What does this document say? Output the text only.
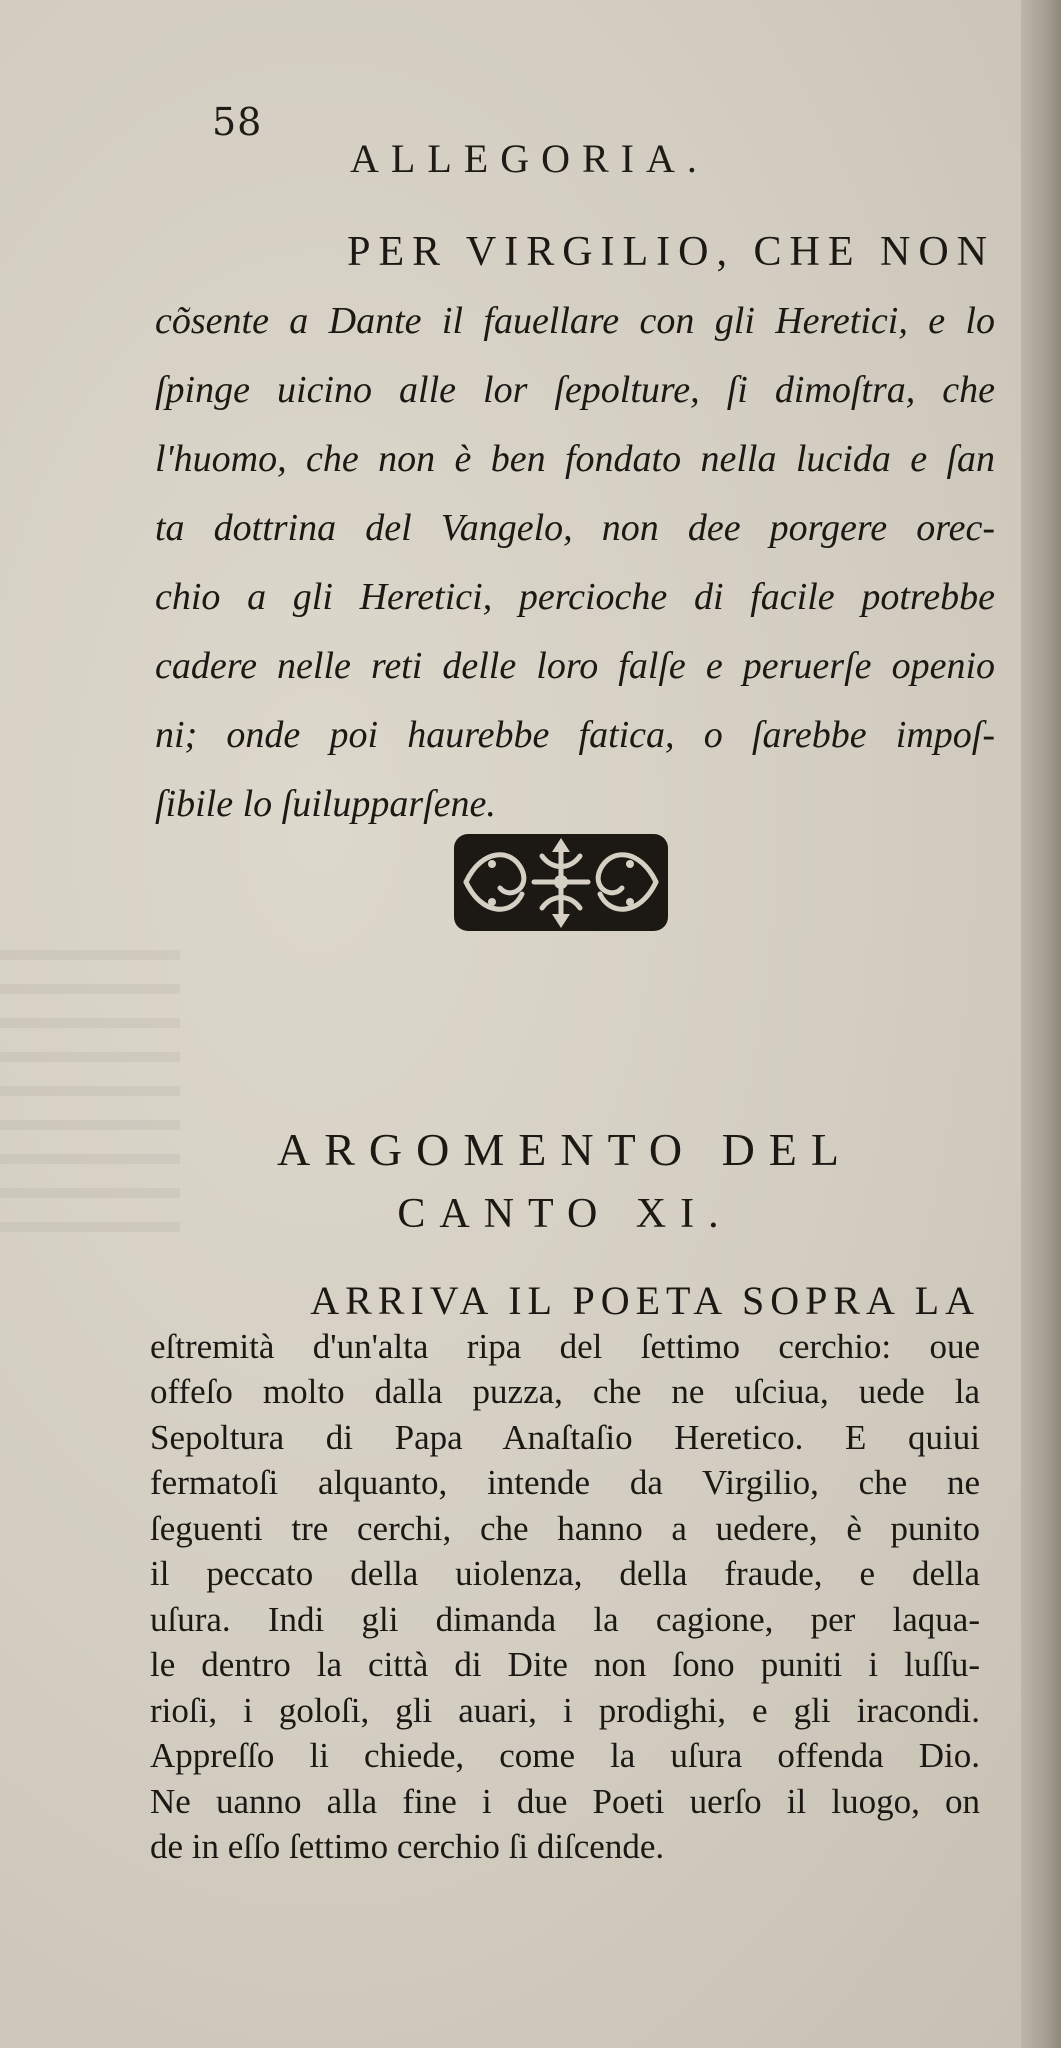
58
ALLEGORIA.
PER VIRGILIO, CHE NON
cõsente a Dante il fauellare con gli Heretici, e lo
ſpinge uicino alle lor ſepolture, ſi dimoſtra, che
l'huomo, che non è ben fondato nella lucida e ſan
ta dottrina del Vangelo, non dee porgere orec-
chio a gli Heretici, percioche di facile potrebbe
cadere nelle reti delle loro falſe e peruerſe openio
ni; onde poi haurebbe fatica, o ſarebbe impoſ-
ſibile lo ſuilupparſene.
ARGOMENTO DEL
CANTO XI.
ARRIVA IL POETA SOPRA LA
eſtremità d'un'alta ripa del ſettimo cerchio: oue
offeſo molto dalla puzza, che ne uſciua, uede la
Sepoltura di Papa Anaſtaſio Heretico. E quiui
fermatoſi alquanto, intende da Virgilio, che ne
ſeguenti tre cerchi, che hanno a uedere, è punito
il peccato della uiolenza, della fraude, e della
uſura. Indi gli dimanda la cagione, per laqua-
le dentro la città di Dite non ſono puniti i luſſu-
rioſi, i goloſi, gli auari, i prodighi, e gli iracondi.
Appreſſo li chiede, come la uſura offenda Dio.
Ne uanno alla fine i due Poeti uerſo il luogo, on
de in eſſo ſettimo cerchio ſi diſcende.
